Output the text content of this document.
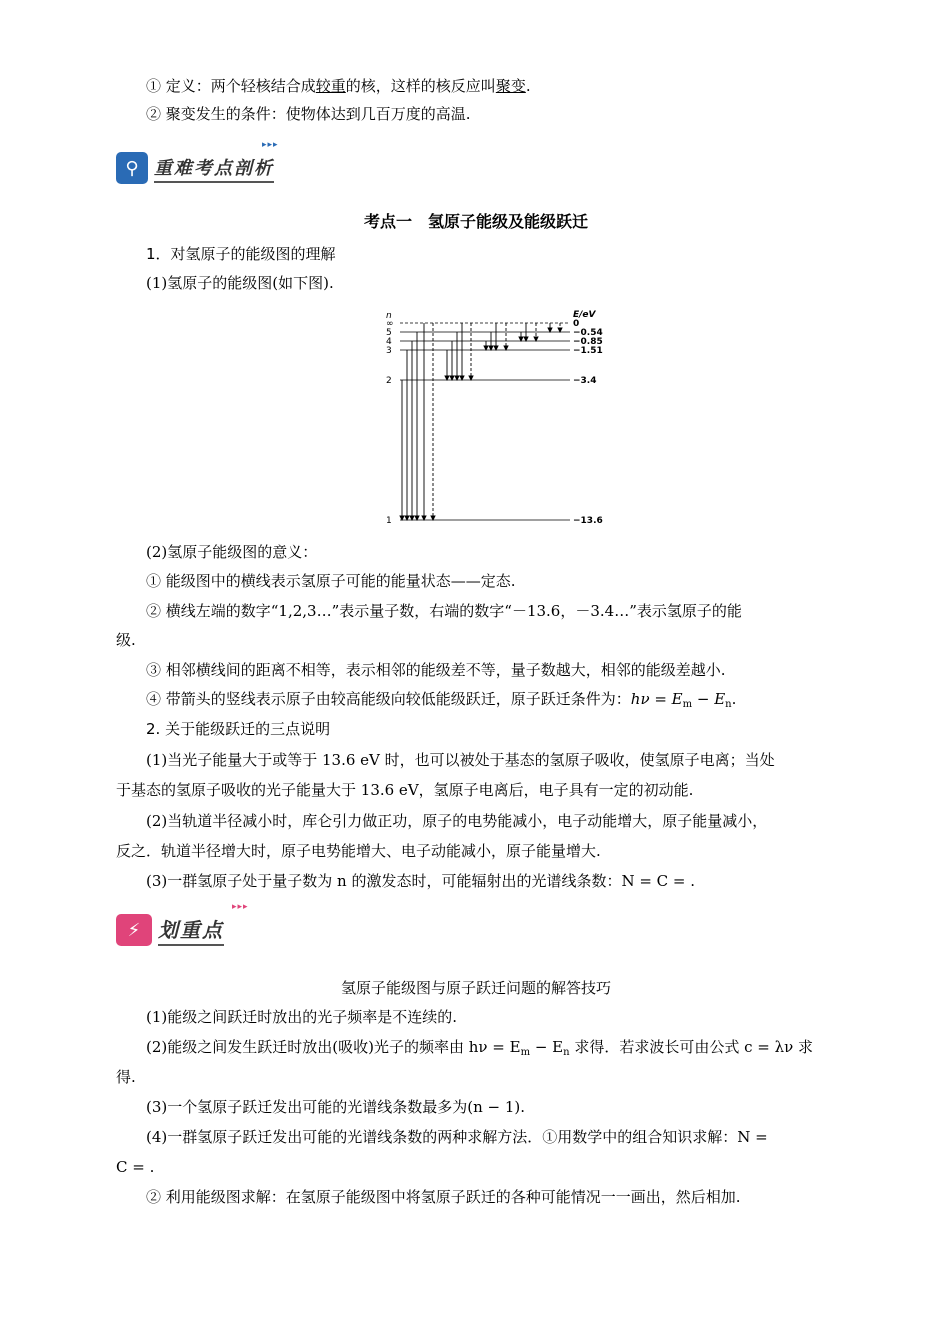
① 定义：两个轻核结合成较重的核，这样的核反应叫聚变.
② 聚变发生的条件：使物体达到几百万度的高温.
⚲ 重难考点剖析
▸▸▸
考点一　氢原子能级及能级跃迁
1．对氢原子的能级图的理解
(1)氢原子的能级图(如下图).
n	E/eV
∞	0
5	−0.54
4	−0.85
3	−1.51
2	−3.4
1	−13.6
(2)氢原子能级图的意义：
① 能级图中的横线表示氢原子可能的能量状态——定态.
② 横线左端的数字“1,2,3…”表示量子数，右端的数字“－13.6，－3.4…”表示氢原子的能
级.
③ 相邻横线间的距离不相等，表示相邻的能级差不等，量子数越大，相邻的能级差越小.
④ 带箭头的竖线表示原子由较高能级向较低能级跃迁，原子跃迁条件为：$h\nu = E_m - E_n$.
2. 关于能级跃迁的三点说明
(1)当光子能量大于或等于 13.6 eV 时，也可以被处于基态的氢原子吸收，使氢原子电离；当处
于基态的氢原子吸收的光子能量大于 13.6 eV，氢原子电离后，电子具有一定的初动能.
(2)当轨道半径减小时，库仑引力做正功，原子的电势能减小，电子动能增大，原子能量减小，
反之．轨道半径增大时，原子电势能增大、电子动能减小，原子能量增大.
(3)一群氢原子处于量子数为 n 的激发态时，可能辐射出的光谱线条数：N = C = .
⚡ 划重点
▸▸▸
氢原子能级图与原子跃迁问题的解答技巧
(1)能级之间跃迁时放出的光子频率是不连续的.
(2)能级之间发生跃迁时放出(吸收)光子的频率由 $h\nu = E_m - E_n$ 求得．若求波长可由公式 c = λν 求
得.
(3)一个氢原子跃迁发出可能的光谱线条数最多为(n − 1).
(4)一群氢原子跃迁发出可能的光谱线条数的两种求解方法．①用数学中的组合知识求解：N =
C = .
② 利用能级图求解：在氢原子能级图中将氢原子跃迁的各种可能情况一一画出，然后相加.
